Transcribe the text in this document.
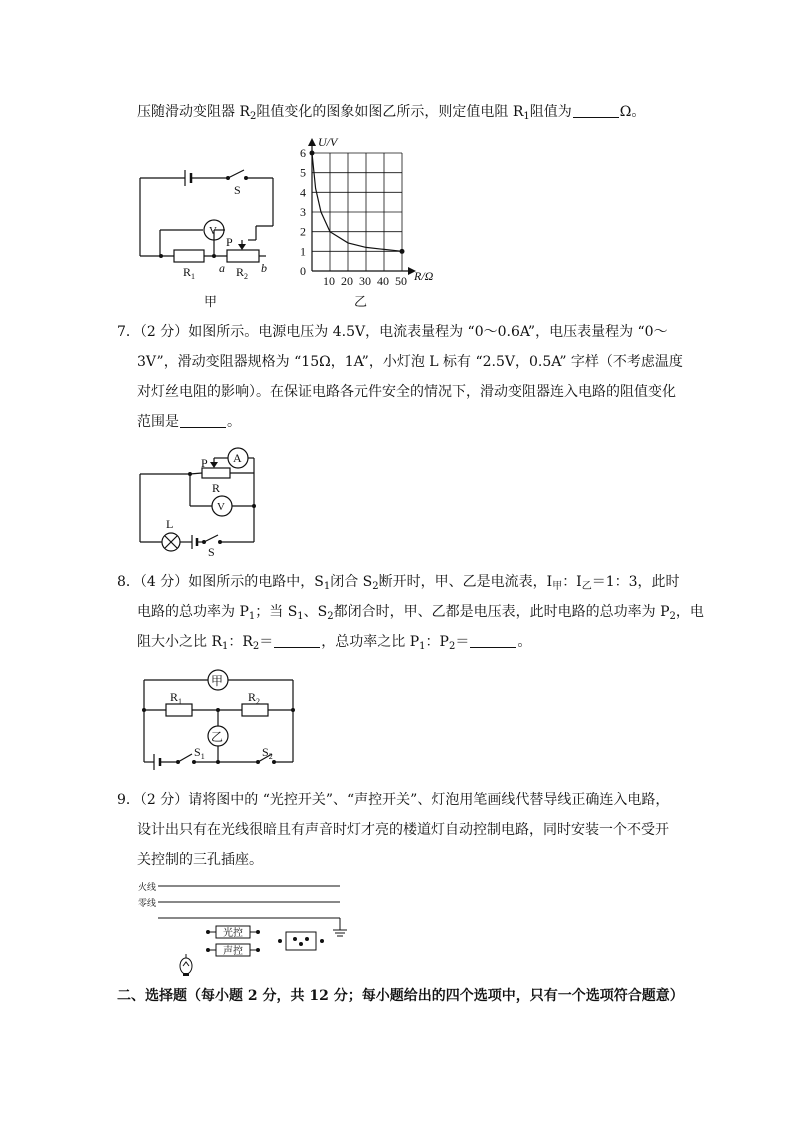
压随滑动变阻器 $R_2$阻值变化的图象如图乙所示，则定值电阻 $R_1$阻值为	Ω。
S
V
P
$R_1$
a $R_2$
b
甲
10 20 30 40 50
1
2
3
4
5
6
U/V
R/Ω
0
乙
7．（2 分）如图所示。电源电压为 4.5V，电流表量程为 “0～0.6A”，电压表量程为 “0～
3V”，滑动变阻器规格为 “15Ω，1A”，小灯泡 L 标有 “2.5V，0.5A” 字样（不考虑温度
对灯丝电阻的影响）。在保证电路各元件安全的情况下，滑动变阻器连入电路的阻值变化
范围是	。
P A
R
V
L
S
8．（4 分）如图所示的电路中，$S_1$闭合 $S_2$断开时，甲、乙是电流表，$I_甲$：$I_乙=1$：3，此时
电路的总功率为 $P_1$；当 $S_1$、$S_2$都闭合时，甲、乙都是电压表，此时电路的总功率为 $P_2$，电
阻大小之比 $R_1$：$R_2=$	，总功率之比 $P_1$：$P_2=$	。
甲
乙
$R_1$	$R_2$
$S_1$	$S_2$
9．（2 分）请将图中的 “光控开关”、“声控开关”、灯泡用笔画线代替导线正确连入电路，
设计出只有在光线很暗且有声音时灯才亮的楼道灯自动控制电路，同时安装一个不受开
关控制的三孔插座。
火线
零线
光控
声控
二、选择题（每小题 2 分，共 12 分；每小题给出的四个选项中，只有一个选项符合题意）
